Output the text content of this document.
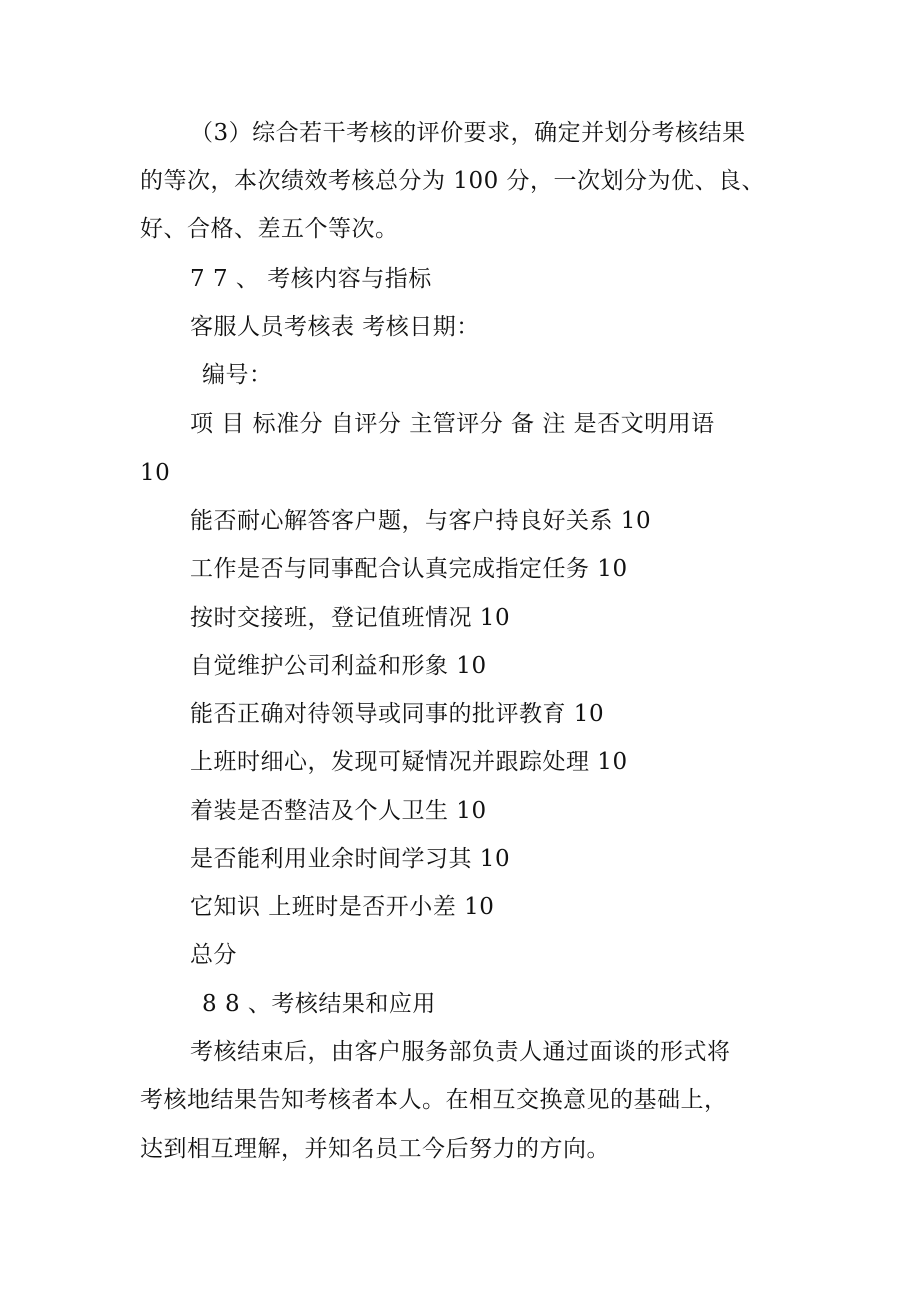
（3）综合若干考核的评价要求，确定并划分考核结果
的等次，本次绩效考核总分为 100 分，一次划分为优、良、
好、合格、差五个等次。
7 7 、 考核内容与指标
客服人员考核表 考核日期：
编号：
项 目 标准分 自评分 主管评分 备 注 是否文明用语
10
能否耐心解答客户题，与客户持良好关系 10
工作是否与同事配合认真完成指定任务 10
按时交接班，登记值班情况 10
自觉维护公司利益和形象 10
能否正确对待领导或同事的批评教育 10
上班时细心，发现可疑情况并跟踪处理 10
着装是否整洁及个人卫生 10
是否能利用业余时间学习其 10
它知识 上班时是否开小差 10
总分
8 8 、考核结果和应用
考核结束后，由客户服务部负责人通过面谈的形式将
考核地结果告知考核者本人。在相互交换意见的基础上，
达到相互理解，并知名员工今后努力的方向。
